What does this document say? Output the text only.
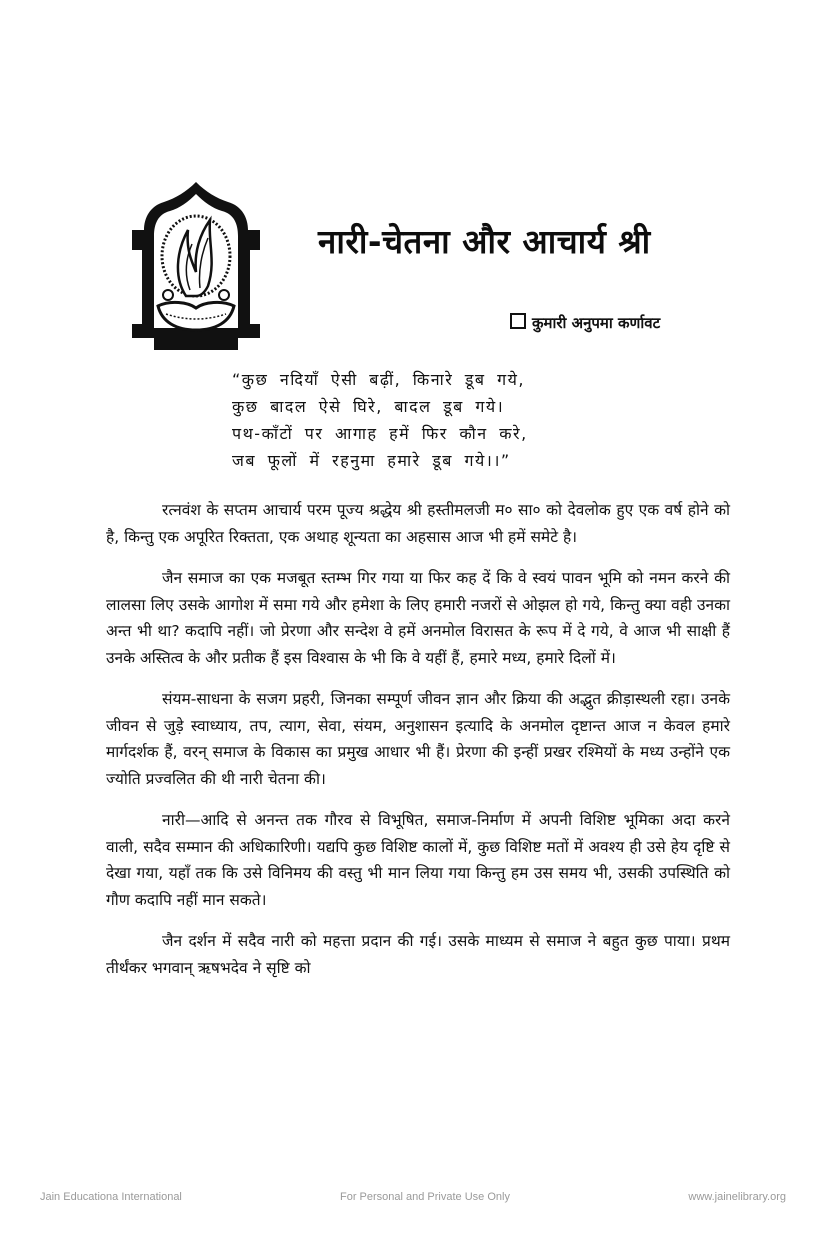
नारी-चेतना और आचार्य श्री
कुमारी अनुपमा कर्णावट
“कुछ नदियाँ ऐसी बढ़ीं, किनारे डूब गये,
कुछ बादल ऐसे घिरे, बादल डूब गये।
पथ-काँटों पर आगाह हमें फिर कौन करे,
जब फूलों में रहनुमा हमारे डूब गये।।”

रत्नवंश के सप्तम आचार्य परम पूज्य श्रद्धेय श्री हस्तीमलजी म० सा० को देवलोक हुए एक वर्ष होने को है, किन्तु एक अपूरित रिक्तता, एक अथाह शून्यता का अहसास आज भी हमें समेटे है।

जैन समाज का एक मजबूत स्तम्भ गिर गया या फिर कह दें कि वे स्वयं पावन भूमि को नमन करने की लालसा लिए उसके आगोश में समा गये और हमेशा के लिए हमारी नजरों से ओझल हो गये, किन्तु क्या वही उनका अन्त भी था? कदापि नहीं। जो प्रेरणा और सन्देश वे हमें अनमोल विरासत के रूप में दे गये, वे आज भी साक्षी हैं उनके अस्तित्व के और प्रतीक हैं इस विश्वास के भी कि वे यहीं हैं, हमारे मध्य, हमारे दिलों में।

संयम-साधना के सजग प्रहरी, जिनका सम्पूर्ण जीवन ज्ञान और क्रिया की अद्भुत क्रीड़ास्थली रहा। उनके जीवन से जुड़े स्वाध्याय, तप, त्याग, सेवा, संयम, अनुशासन इत्यादि के अनमोल दृष्टान्त आज न केवल हमारे मार्गदर्शक हैं, वरन् समाज के विकास का प्रमुख आधार भी हैं। प्रेरणा की इन्हीं प्रखर रश्मियों के मध्य उन्होंने एक ज्योति प्रज्वलित की थी नारी चेतना की।

नारी—आदि से अनन्त तक गौरव से विभूषित, समाज-निर्माण में अपनी विशिष्ट भूमिका अदा करने वाली, सदैव सम्मान की अधिकारिणी। यद्यपि कुछ विशिष्ट कालों में, कुछ विशिष्ट मतों में अवश्य ही उसे हेय दृष्टि से देखा गया, यहाँ तक कि उसे विनिमय की वस्तु भी मान लिया गया किन्तु हम उस समय भी, उसकी उपस्थिति को गौण कदापि नहीं मान सकते।

जैन दर्शन में सदैव नारी को महत्ता प्रदान की गई। उसके माध्यम से समाज ने बहुत कुछ पाया। प्रथम तीर्थंकर भगवान् ऋषभदेव ने सृष्टि को

Jain Educationa International	For Personal and Private Use Only	www.jainelibrary.org
